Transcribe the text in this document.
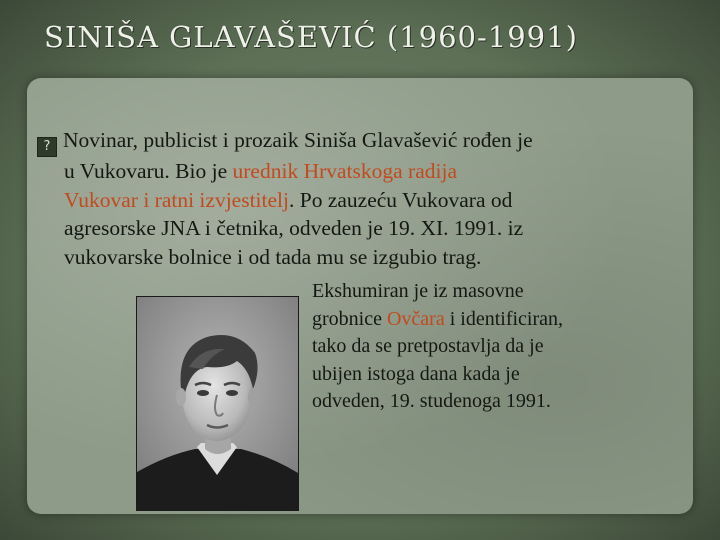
SINIŠA GLAVAŠEVIĆ (1960-1991)

? Novinar, publicist i prozaik Siniša Glavašević rođen je
u Vukovaru. Bio je urednik Hrvatskoga radija
Vukovar i ratni izvjestitelj. Po zauzeću Vukovara od
agresorske JNA i četnika, odveden je 19. XI. 1991. iz
vukovarske bolnice i od tada mu se izgubio trag.

Ekshumiran je iz masovne
grobnice Ovčara i identificiran,
tako da se pretpostavlja da je
ubijen istoga dana kada je
odveden, 19. studenoga 1991.
